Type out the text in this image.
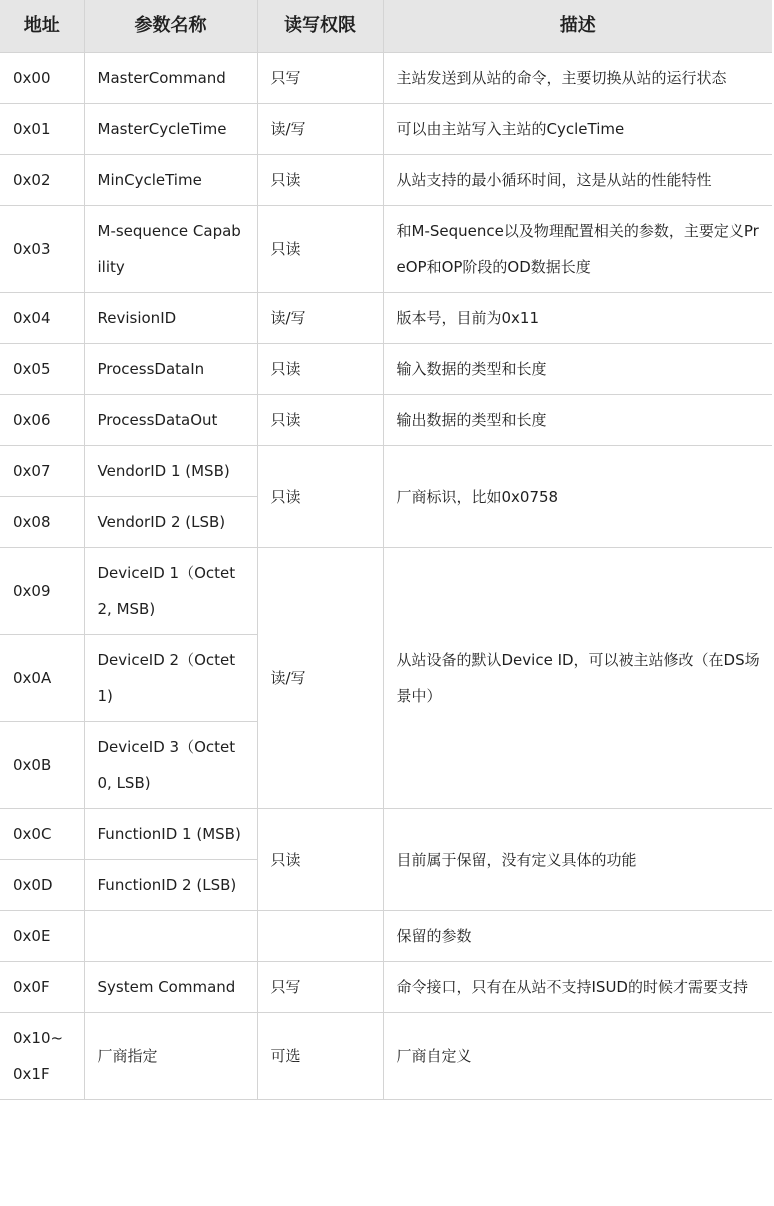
地址	参数名称	读写权限	描述
0x00	MasterCommand	只写	主站发送到从站的命令，主要切换从站的运行状态
0x01	MasterCycleTime	读/写	可以由主站写入主站的CycleTime
0x02	MinCycleTime	只读	从站支持的最小循环时间，这是从站的性能特性
0x03	M-sequence Capability	只读	和M-Sequence以及物理配置相关的参数，主要定义PreOP和OP阶段的OD数据长度
0x04	RevisionID	读/写	版本号，目前为0x11
0x05	ProcessDataIn	只读	输入数据的类型和长度
0x06	ProcessDataOut	只读	输出数据的类型和长度
0x07	VendorID 1 (MSB)	只读	厂商标识，比如0x0758
0x08	VendorID 2 (LSB)		
0x09	DeviceID 1（Octet 2, MSB)	读/写	从站设备的默认Device ID，可以被主站修改（在DS场景中）
0x0A	DeviceID 2（Octet 1)		
0x0B	DeviceID 3（Octet 0, LSB)		
0x0C	FunctionID 1 (MSB)	只读	目前属于保留，没有定义具体的功能
0x0D	FunctionID 2 (LSB)		
0x0E			保留的参数
0x0F	System Command	只写	命令接口，只有在从站不支持ISUD的时候才需要支持
0x10~0x1F	厂商指定	可选	厂商自定义
